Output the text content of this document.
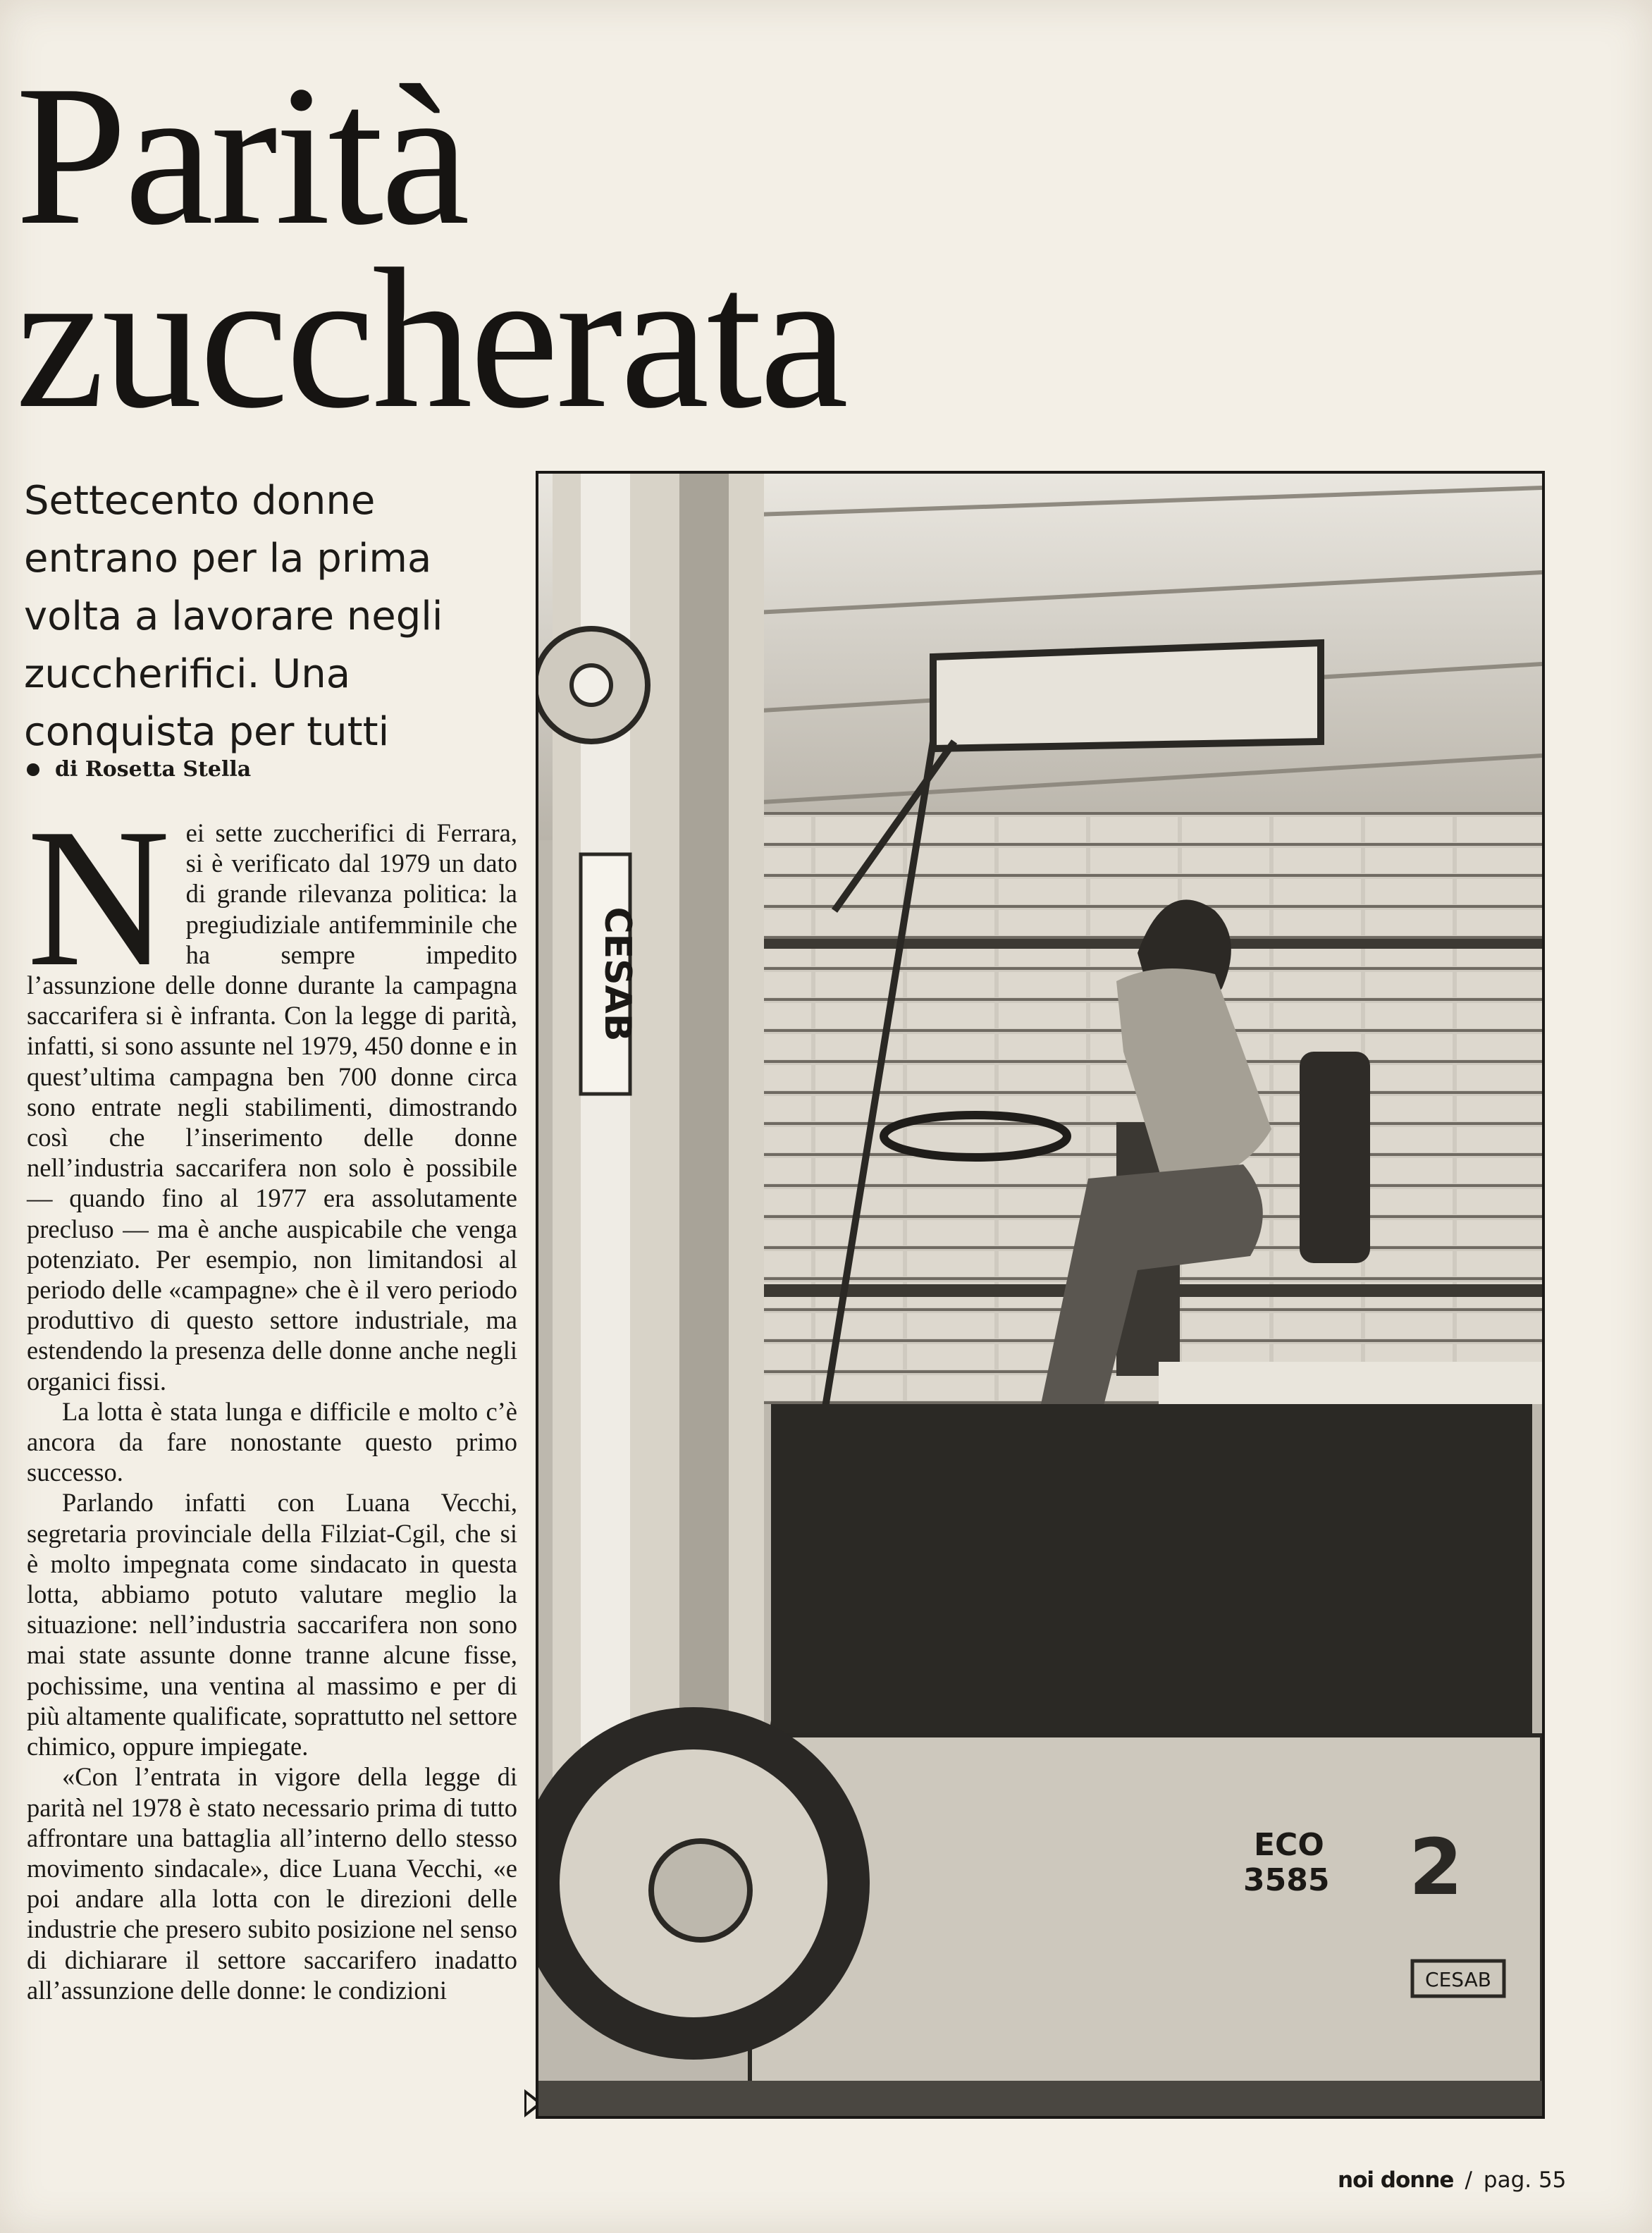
Parità
zuccherata
Settecento donne entrano per la prima volta a lavorare negli zuccherifici. Una conquista per tutti
di Rosetta Stella

Nei sette zuccherifici di Ferrara, si è verificato dal 1979 un dato di grande rilevanza politica: la pregiudiziale antifemminile che ha sempre impedito l’assunzione delle donne durante la campagna saccarifera si è infranta. Con la legge di parità, infatti, si sono assunte nel 1979, 450 donne e in quest’ultima campagna ben 700 donne circa sono entrate negli stabilimenti, dimostrando così che l’inserimento delle donne nell’industria saccarifera non solo è possibile — quando fino al 1977 era assolutamente precluso — ma è anche auspicabile che venga potenziato. Per esempio, non limitandosi al periodo delle «campagne» che è il vero periodo produttivo di questo settore industriale, ma estendendo la presenza delle donne anche negli organici fissi.

La lotta è stata lunga e difficile e molto c’è ancora da fare nonostante questo primo successo.

Parlando infatti con Luana Vecchi, segretaria provinciale della Filziat-Cgil, che si è molto impegnata come sindacato in questa lotta, abbiamo potuto valutare meglio la situazione: nell’industria saccarifera non sono mai state assunte donne tranne alcune fisse, pochissime, una ventina al massimo e per di più altamente qualificate, soprattutto nel settore chimico, oppure impiegate.

«Con l’entrata in vigore della legge di parità nel 1978 è stato necessario prima di tutto affrontare una battaglia all’interno dello stesso movimento sindacale», dice Luana Vecchi, «e poi andare alla lotta con le direzioni delle industrie che presero subito posizione nel senso di dichiarare il settore saccarifero inadatto all’assunzione delle donne: le condizioni

CESAB
ECO
3585 2
CESAB
noi donne / pag. 55
